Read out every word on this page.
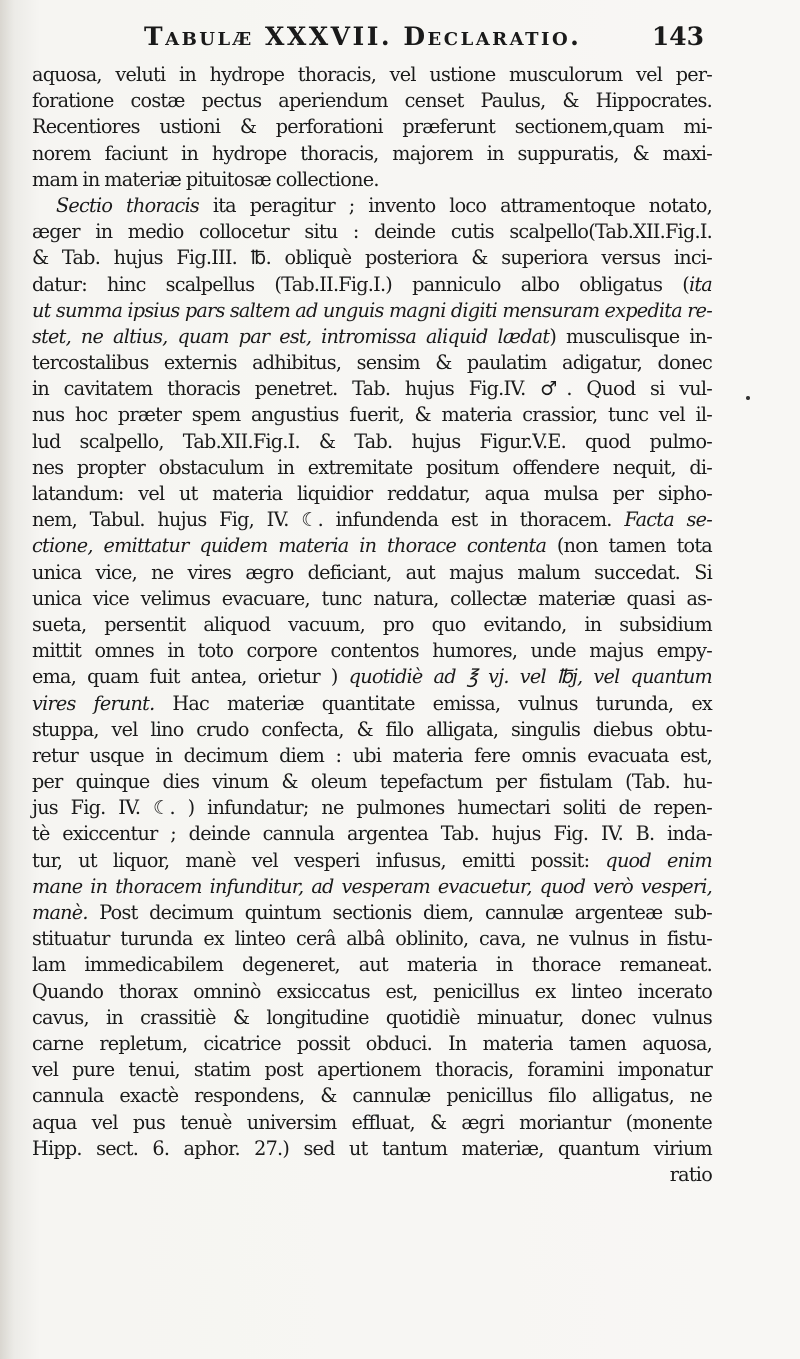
Tabulæ XXXVII. Declaratio.	143
aquosa, veluti in hydrope thoracis, vel ustione musculorum vel per-
foratione costæ pectus aperiendum censet Paulus, & Hippocrates.
Recentiores ustioni & perforationi præferunt sectionem,quam mi-
norem faciunt in hydrope thoracis, majorem in suppuratis, & maxi-
mam in materiæ pituitosæ collectione.
Sectio thoracis ita peragitur ; invento loco attramentoque notato,
æger in medio collocetur situ : deinde cutis scalpello(Tab.XII.Fig.I.
& Tab. hujus Fig.III. ℔. obliquè posteriora & superiora versus inci-
datur: hinc scalpellus (Tab.II.Fig.I.) panniculo albo obligatus (ita
ut summa ipsius pars saltem ad unguis magni digiti mensuram expedita re-
stet, ne altius, quam par est, intromissa aliquid lædat) musculisque in-
tercostalibus externis adhibitus, sensim & paulatim adigatur, donec
in cavitatem thoracis penetret. Tab. hujus Fig.IV. ♂. Quod si vul-
nus hoc præter spem angustius fuerit, & materia crassior, tunc vel il-
lud scalpello, Tab.XII.Fig.I. & Tab. hujus Figur.V.E. quod pulmo-
nes propter obstaculum in extremitate positum offendere nequit, di-
latandum: vel ut materia liquidior reddatur, aqua mulsa per sipho-
nem, Tabul. hujus Fig, IV. ☾. infundenda est in thoracem. Facta se-
ctione, emittatur quidem materia in thorace contenta (non tamen tota
unica vice, ne vires ægro deficiant, aut majus malum succedat. Si
unica vice velimus evacuare, tunc natura, collectæ materiæ quasi as-
sueta, persentit aliquod vacuum, pro quo evitando, in subsidium
mittit omnes in toto corpore contentos humores, unde majus empy-
ema, quam fuit antea, orietur ) quotidiè ad ℥ vj. vel ℔j, vel quantum
vires ferunt. Hac materiæ quantitate emissa, vulnus turunda, ex
stuppa, vel lino crudo confecta, & filo alligata, singulis diebus obtu-
retur usque in decimum diem : ubi materia fere omnis evacuata est,
per quinque dies vinum & oleum tepefactum per fistulam (Tab. hu-
jus Fig. IV. ☾. ) infundatur; ne pulmones humectari soliti de repen-
tè exiccentur ; deinde cannula argentea Tab. hujus Fig. IV. B. inda-
tur, ut liquor, manè vel vesperi infusus, emitti possit: quod enim
mane in thoracem infunditur, ad vesperam evacuetur, quod verò vesperi,
manè. Post decimum quintum sectionis diem, cannulæ argenteæ sub-
stituatur turunda ex linteo cerâ albâ oblinito, cava, ne vulnus in fistu-
lam immedicabilem degeneret, aut materia in thorace remaneat.
Quando thorax omninò exsiccatus est, penicillus ex linteo incerato
cavus, in crassitiè & longitudine quotidiè minuatur, donec vulnus
carne repletum, cicatrice possit obduci. In materia tamen aquosa,
vel pure tenui, statim post apertionem thoracis, foramini imponatur
cannula exactè respondens, & cannulæ penicillus filo alligatus, ne
aqua vel pus tenuè universim effluat, & ægri moriantur (monente
Hipp. sect. 6. aphor. 27.) sed ut tantum materiæ, quantum virium
ratio
